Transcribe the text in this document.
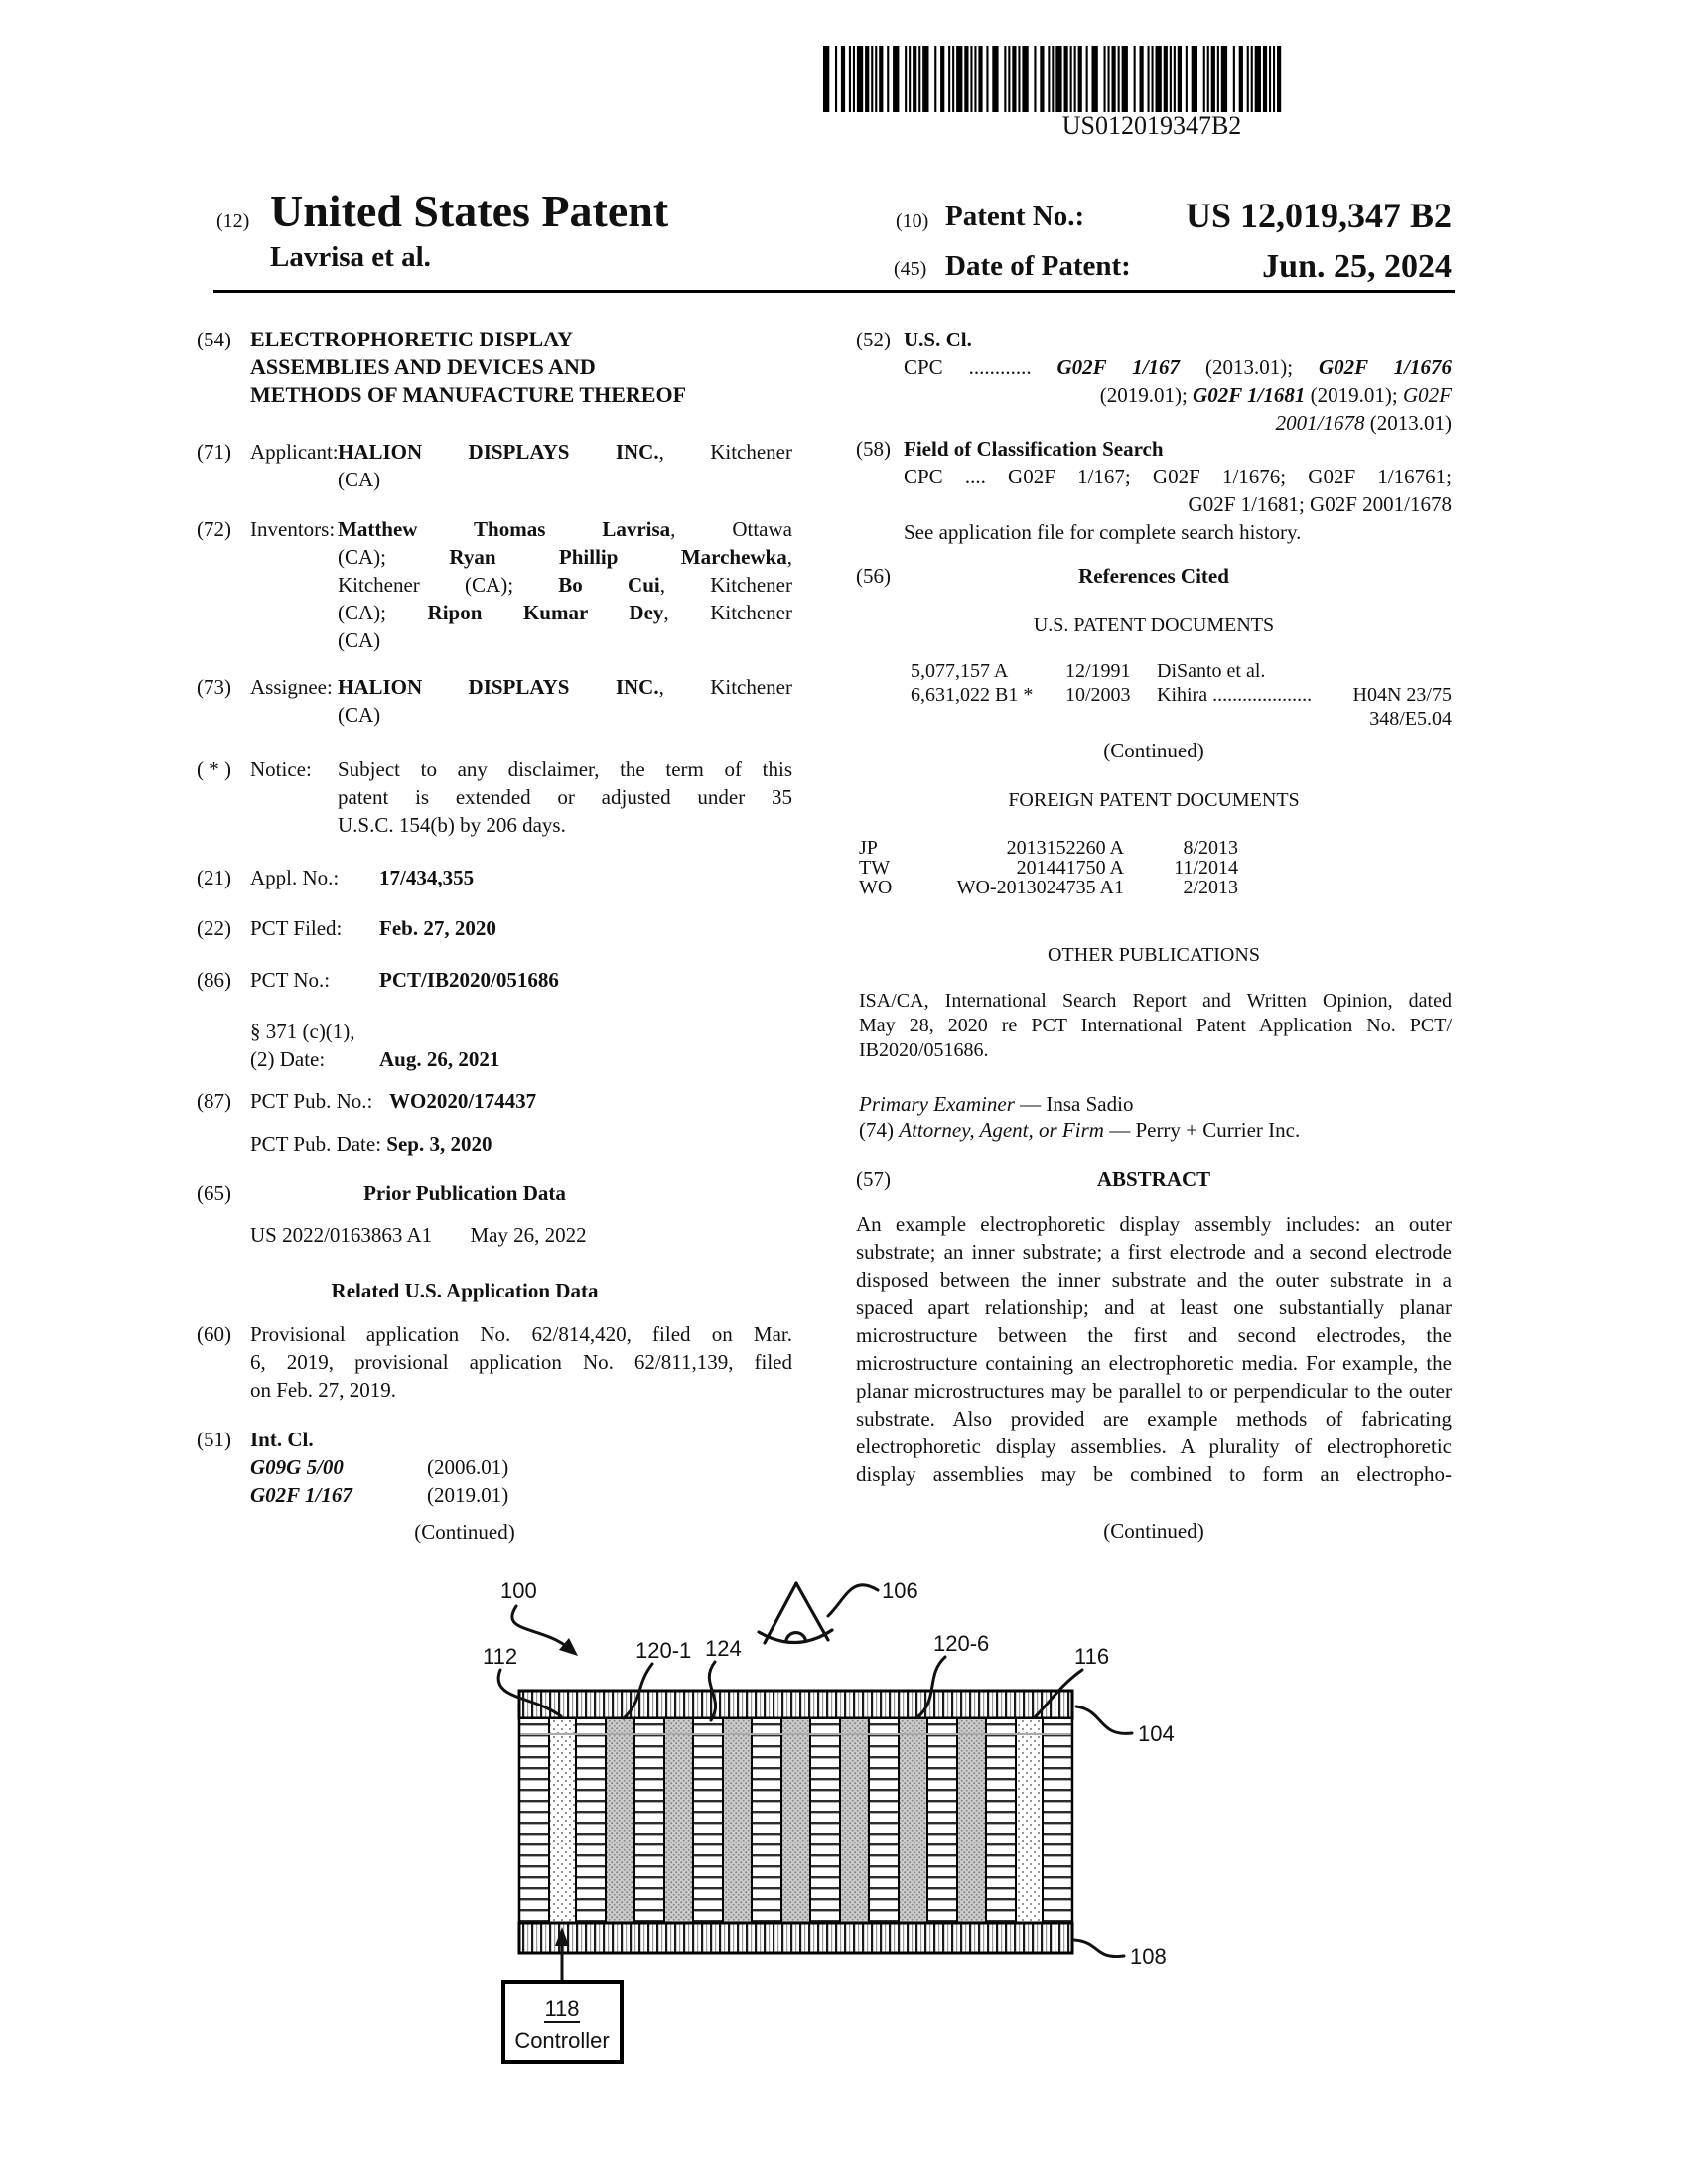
US012019347B2
(12) United States Patent
Lavrisa et al.
(10) Patent No.:	US 12,019,347 B2
(45) Date of Patent:	Jun. 25, 2024
(54) ELECTROPHORETIC DISPLAY
ASSEMBLIES AND DEVICES AND
METHODS OF MANUFACTURE THEREOF
(71) Applicant: HALION DISPLAYS INC., Kitchener
(CA)
(72) Inventors: Matthew Thomas Lavrisa, Ottawa
(CA); Ryan Phillip Marchewka,
Kitchener (CA); Bo Cui, Kitchener
(CA); Ripon Kumar Dey, Kitchener
(CA)
(73) Assignee: HALION DISPLAYS INC., Kitchener
(CA)
( * ) Notice:	Subject to any disclaimer, the term of this
patent is extended or adjusted under 35
U.S.C. 154(b) by 206 days.
(21) Appl. No.: 17/434,355
(22) PCT Filed: Feb. 27, 2020
(86) PCT No.: PCT/IB2020/051686
§ 371 (c)(1),
(2) Date:	Aug. 26, 2021
(87) PCT Pub. No.: WO2020/174437
PCT Pub. Date: Sep. 3, 2020
(65)	Prior Publication Data
US 2022/0163863 A1 May 26, 2022
Related U.S. Application Data
(60) Provisional application No. 62/814,420, filed on Mar.
6, 2019, provisional application No. 62/811,139, filed
on Feb. 27, 2019.
(51) Int. Cl.
G09G 5/00	(2006.01)
G02F 1/167	(2019.01)
(Continued)
(52) U.S. Cl.
CPC ............ G02F 1/167 (2013.01); G02F 1/1676
(2019.01); G02F 1/1681 (2019.01); G02F
2001/1678 (2013.01)
(58) Field of Classification Search
CPC .... G02F 1/167; G02F 1/1676; G02F 1/16761;
G02F 1/1681; G02F 2001/1678
See application file for complete search history.
(56)	References Cited
U.S. PATENT DOCUMENTS
5,077,157 A	12/1991 DiSanto et al.
6,631,022 B1 * 10/2003 Kihira .................... H04N 23/75
348/E5.04
(Continued)
FOREIGN PATENT DOCUMENTS
JP	2013152260 A	8/2013
TW	201441750 A	11/2014
WO	WO-2013024735 A1	2/2013
OTHER PUBLICATIONS
ISA/CA, International Search Report and Written Opinion, dated
May 28, 2020 re PCT International Patent Application No. PCT/
IB2020/051686.
Primary Examiner — Insa Sadio
(74) Attorney, Agent, or Firm — Perry + Currier Inc.
(57)	ABSTRACT
An example electrophoretic display assembly includes: an outer substrate; an inner substrate; a first electrode and a second electrode disposed between the inner substrate and the outer substrate in a spaced apart relationship; and at least one substantially planar microstructure between the first and second electrodes, the microstructure containing an electrophoretic media. For example, the planar microstructures may be parallel to or perpendicular to the outer substrate. Also provided are example methods of fabricating electrophoretic display assemblies. A plurality of electrophoretic display assemblies may be combined to form an electropho-
(Continued)
118
Controller
100	106
112	120-1 124	120-6
116
104
108
